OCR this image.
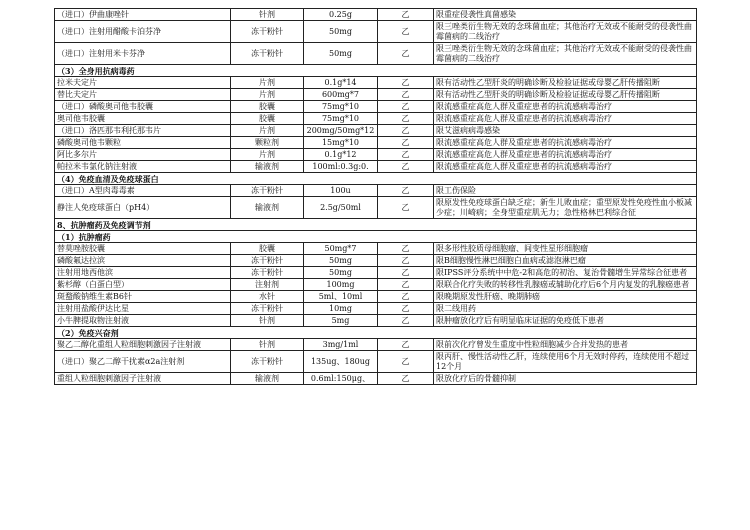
（进口）伊曲康唑针	针剂	0.25g	乙	限重症侵袭性真菌感染
（进口）注射用醋酸卡泊芬净	冻干粉针	50mg	乙	限三唑类衍生物无效的念珠菌血症；其他治疗无效或不能耐受的侵袭性曲霉菌病的二线治疗
（进口）注射用米卡芬净	冻干粉针	50mg	乙	限三唑类衍生物无效的念珠菌血症；其他治疗无效或不能耐受的侵袭性曲霉菌病的二线治疗
（3）全身用抗病毒药				
拉米夫定片	片剂	0.1g*14	乙	限有活动性乙型肝炎的明确诊断及检验证据或母婴乙肝传播阻断
替比夫定片	片剂	600mg*7	乙	限有活动性乙型肝炎的明确诊断及检验证据或母婴乙肝传播阻断
（进口）磷酸奥司他韦胶囊	胶囊	75mg*10	乙	限流感重症高危人群及重症患者的抗流感病毒治疗
奥司他韦胶囊	胶囊	75mg*10	乙	限流感重症高危人群及重症患者的抗流感病毒治疗
（进口）洛匹那韦利托那韦片	片剂	200mg/50mg*12	乙	限艾滋病病毒感染
磷酸奥司他韦颗粒	颗粒剂	15mg*10	乙	限流感重症高危人群及重症患者的抗流感病毒治疗
阿比多尔片	片剂	0.1g*12	乙	限流感重症高危人群及重症患者的抗流感病毒治疗
帕拉米韦氯化钠注射液	输液剂	100ml:0.3g:0.	乙	限流感重症高危人群及重症患者的抗流感病毒治疗
（4）免疫血清及免疫球蛋白				
（进口）A型肉毒毒素	冻干粉针	100u	乙	限工伤保险
静注人免疫球蛋白（pH4）	输液剂	2.5g/50ml	乙	限原发性免疫球蛋白缺乏症；新生儿败血症；重型原发性免疫性血小板减少症；川崎病；全身型重症肌无力；急性格林巴利综合征
8、抗肿瘤药及免疫调节剂				
（1）抗肿瘤药				
替莫唑胺胶囊	胶囊	50mg*7	乙	限多形性胶质母细胞瘤、间变性星形细胞瘤
磷酸氟达拉滨	冻干粉针	50mg	乙	限B细胞慢性淋巴细胞白血病或滤泡淋巴瘤
注射用地西他滨	冻干粉针	50mg	乙	限IPSS评分系统中中危-2和高危的初治、复治骨髓增生异常综合征患者
紫杉醇（白蛋白型）	注射剂	100mg	乙	限联合化疗失败的转移性乳腺癌或辅助化疗后6个月内复发的乳腺癌患者
斑蝥酸钠维生素B6针	水针	5ml、10ml	乙	限晚期原发性肝癌、晚期肺癌
注射用盐酸伊达比星	冻干粉针	10mg	乙	限二线用药
小牛脾提取物注射液	针剂	5mg	乙	限肿瘤放化疗后有明显临床证据的免疫低下患者
（2）免疫兴奋剂				
聚乙二醇化重组人粒细胞刺激因子注射液	针剂	3mg/1ml	乙	限前次化疗曾发生重度中性粒细胞减少合并发热的患者
（进口）聚乙二醇干扰素α2a注射剂	冻干粉针	135ug、180ug	乙	限丙肝、慢性活动性乙肝，连续使用6个月无效时停药，连续使用不超过12个月
重组人粒细胞刺激因子注射液	输液剂	0.6ml:150μg、	乙	限放化疗后的骨髓抑制
